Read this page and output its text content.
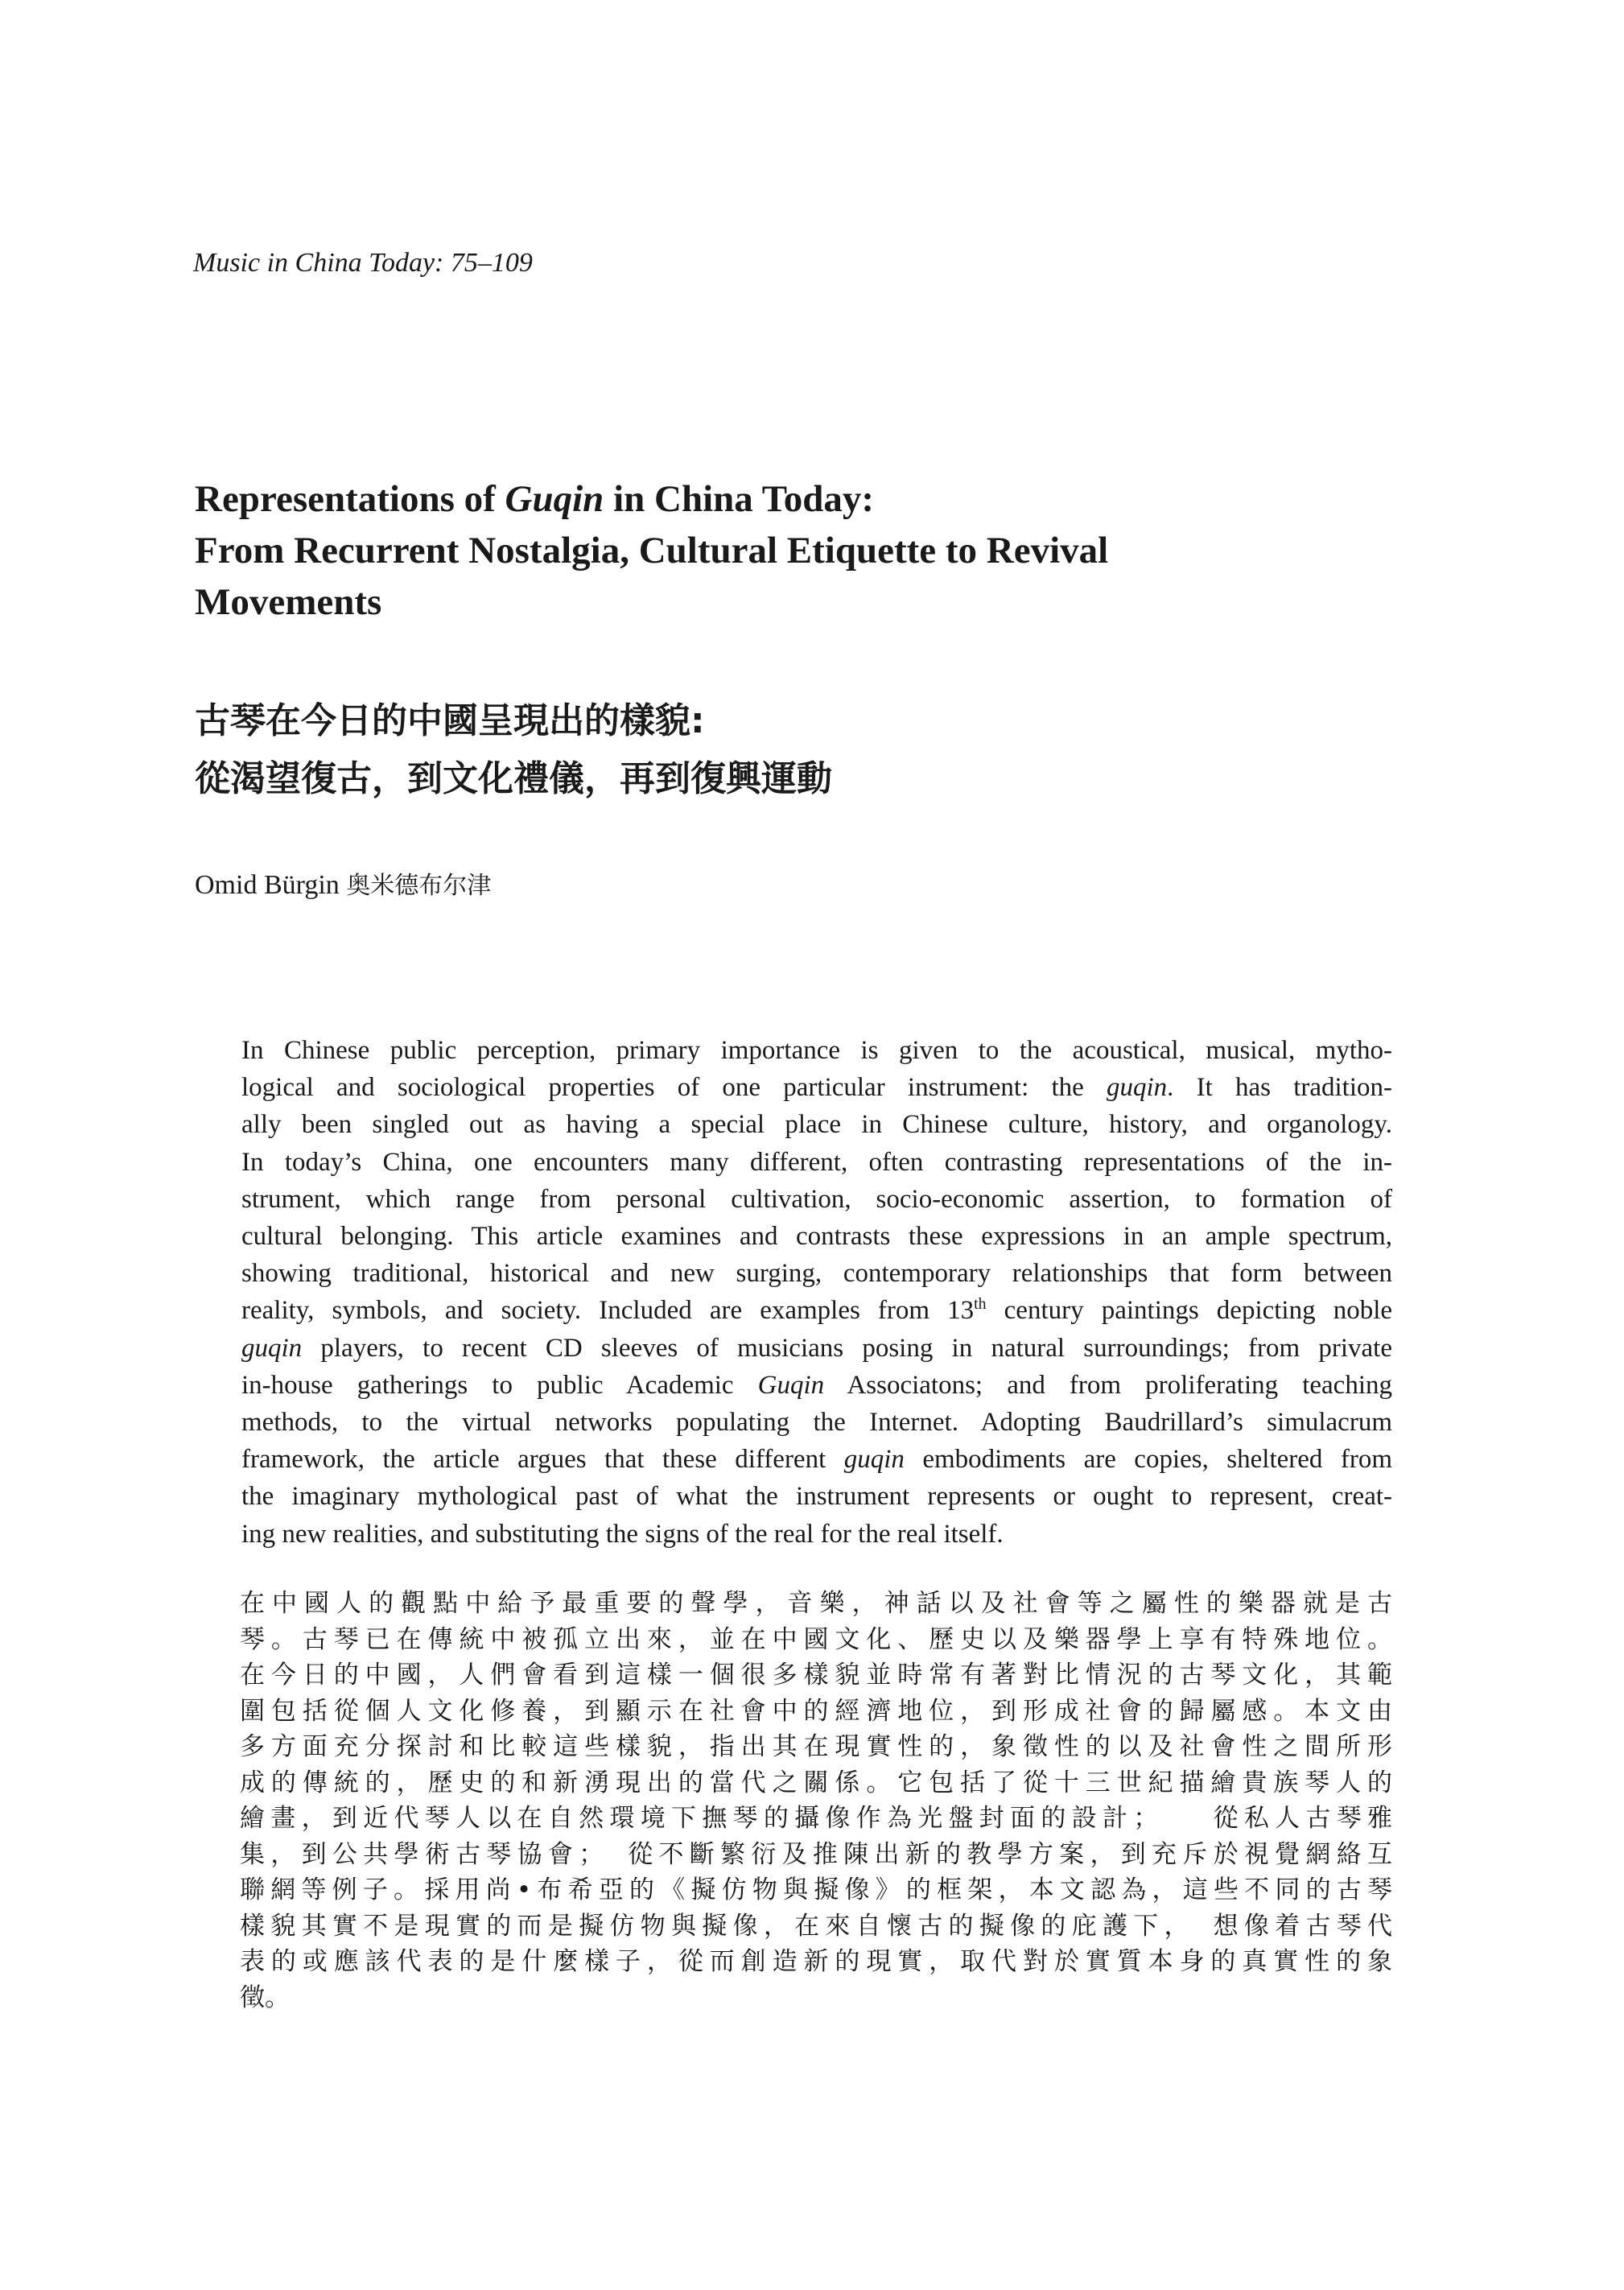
Music in China Today: 75–109

Representations of Guqin in China Today:
From Recurrent Nostalgia, Cultural Etiquette to Revival
Movements
古琴在今日的中國呈現出的樣貌:
從渴望復古，到文化禮儀，再到復興運動

Omid Bürgin 奥米德布尔津

In Chinese public perception, primary importance is given to the acoustical, musical, mytho-
logical and sociological properties of one particular instrument: the guqin. It has tradition-
ally been singled out as having a special place in Chinese culture, history, and organology.
In today’s China, one encounters many different, often contrasting representations of the in-
strument, which range from personal cultivation, socio-economic assertion, to formation of
cultural belonging. This article examines and contrasts these expressions in an ample spectrum,
showing traditional, historical and new surging, contemporary relationships that form between
reality, symbols, and society. Included are examples from 13th century paintings depicting noble
guqin players, to recent CD sleeves of musicians posing in natural surroundings; from private
in-house gatherings to public Academic Guqin Associatons; and from proliferating teaching
methods, to the virtual networks populating the Internet. Adopting Baudrillard’s simulacrum
framework, the article argues that these different guqin embodiments are copies, sheltered from
the imaginary mythological past of what the instrument represents or ought to represent, creat-
ing new realities, and substituting the signs of the real for the real itself.
在中國人的觀點中給予最重要的聲學，音樂，神話以及社會等之屬性的樂器就是古
琴。古琴已在傳統中被孤立出來，並在中國文化、歷史以及樂器學上享有特殊地位。
在今日的中國，人們會看到這樣一個很多樣貌並時常有著對比情況的古琴文化，其範
圍包括從個人文化修養，到顯示在社會中的經濟地位，到形成社會的歸屬感。本文由
多方面充分探討和比較這些樣貌，指出其在現實性的，象徵性的以及社會性之間所形
成的傳統的，歷史的和新湧現出的當代之關係。它包括了從十三世紀描繪貴族琴人的
繪畫，到近代琴人以在自然環境下撫琴的攝像作為光盤封面的設計；　　從私人古琴雅
集，到公共學術古琴協會；　從不斷繁衍及推陳出新的教學方案，到充斥於視覺網絡互
聯網等例子。採用尚•布希亞的《擬仿物與擬像》的框架，本文認為，這些不同的古琴
樣貌其實不是現實的而是擬仿物與擬像，在來自懷古的擬像的庇護下，　想像着古琴代
表的或應該代表的是什麼樣子，從而創造新的現實，取代對於實質本身的真實性的象
徵。
